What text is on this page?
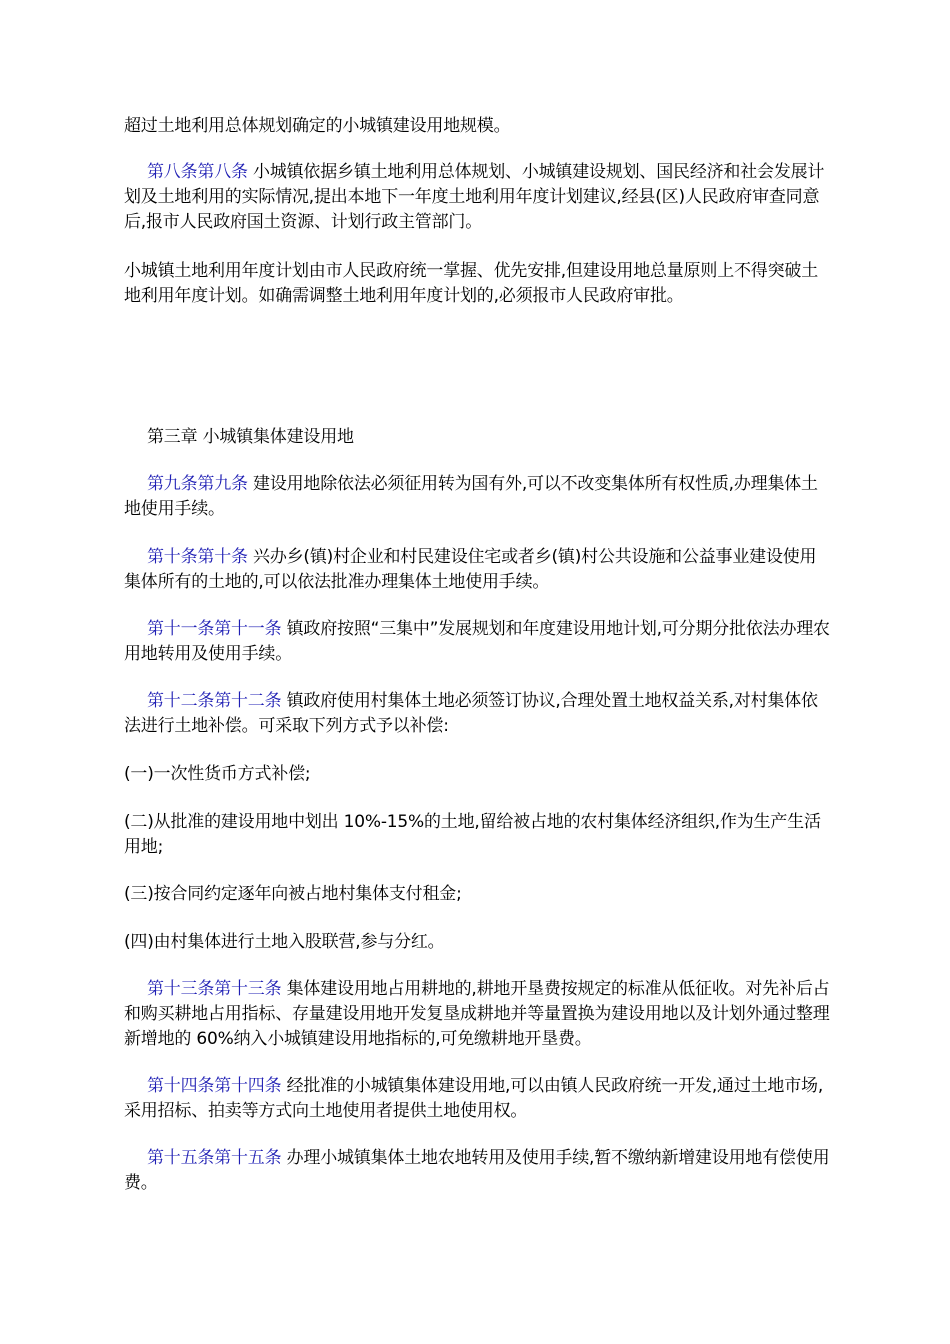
超过土地利用总体规划确定的小城镇建设用地规模。

第八条第八条 小城镇依据乡镇土地利用总体规划、小城镇建设规划、国民经济和社会发展计划及土地利用的实际情况,提出本地下一年度土地利用年度计划建议,经县(区)人民政府审查同意后,报市人民政府国土资源、计划行政主管部门。

小城镇土地利用年度计划由市人民政府统一掌握、优先安排,但建设用地总量原则上不得突破土地利用年度计划。如确需调整土地利用年度计划的,必须报市人民政府审批。

第三章 小城镇集体建设用地

第九条第九条 建设用地除依法必须征用转为国有外,可以不改变集体所有权性质,办理集体土地使用手续。

第十条第十条 兴办乡(镇)村企业和村民建设住宅或者乡(镇)村公共设施和公益事业建设使用集体所有的土地的,可以依法批准办理集体土地使用手续。

第十一条第十一条 镇政府按照“三集中”发展规划和年度建设用地计划,可分期分批依法办理农用地转用及使用手续。

第十二条第十二条 镇政府使用村集体土地必须签订协议,合理处置土地权益关系,对村集体依法进行土地补偿。可采取下列方式予以补偿:

(一)一次性货币方式补偿;

(二)从批准的建设用地中划出 10%-15%的土地,留给被占地的农村集体经济组织,作为生产生活用地;

(三)按合同约定逐年向被占地村集体支付租金;

(四)由村集体进行土地入股联营,参与分红。

第十三条第十三条 集体建设用地占用耕地的,耕地开垦费按规定的标准从低征收。对先补后占和购买耕地占用指标、存量建设用地开发复垦成耕地并等量置换为建设用地以及计划外通过整理新增地的 60%纳入小城镇建设用地指标的,可免缴耕地开垦费。

第十四条第十四条 经批准的小城镇集体建设用地,可以由镇人民政府统一开发,通过土地市场,采用招标、拍卖等方式向土地使用者提供土地使用权。

第十五条第十五条 办理小城镇集体土地农地转用及使用手续,暂不缴纳新增建设用地有偿使用费。
